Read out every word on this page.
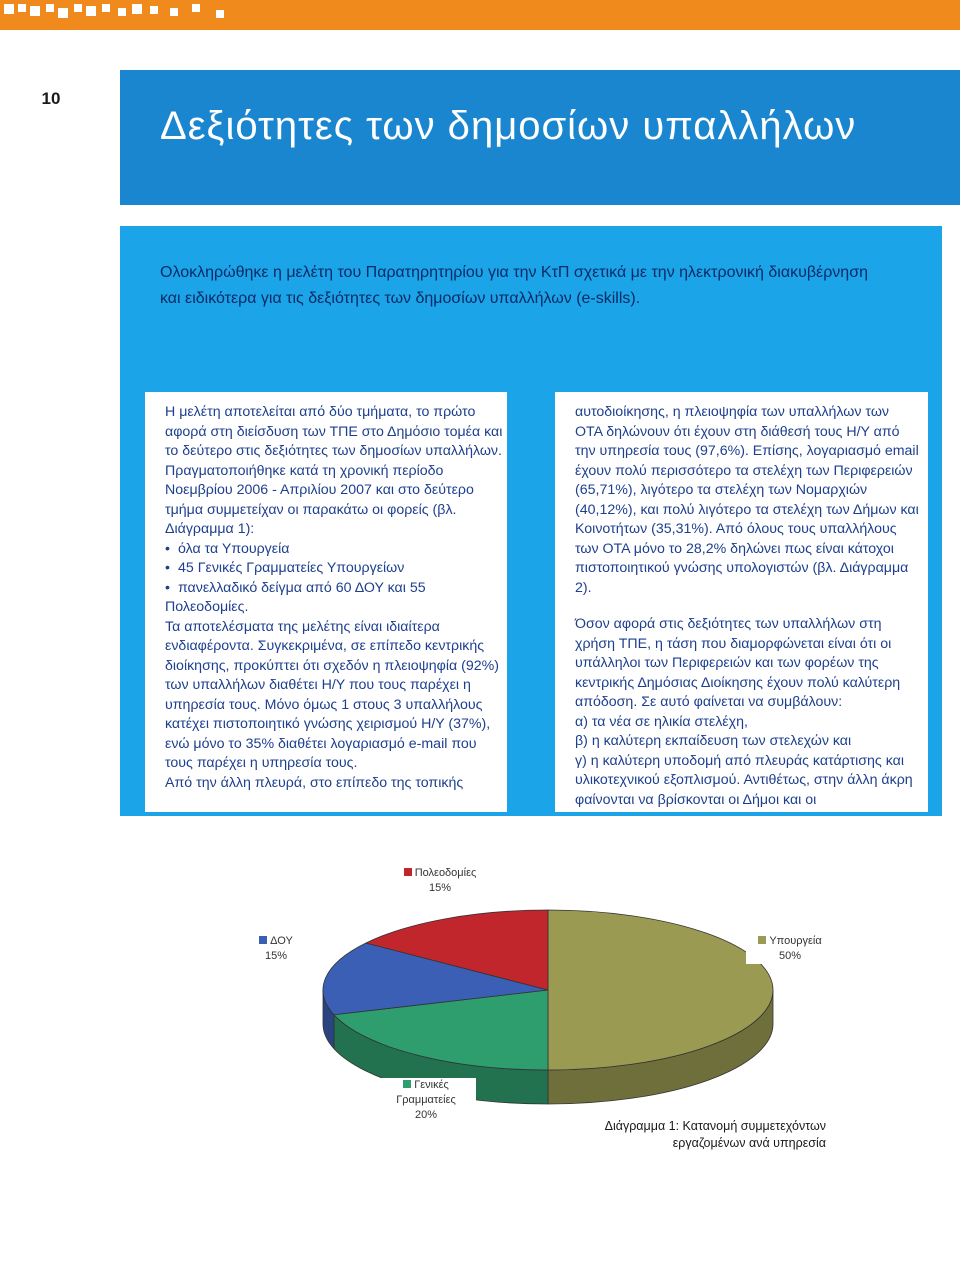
10
Δεξιότητες των δημοσίων υπαλλήλων
Ολοκληρώθηκε η μελέτη του Παρατηρητηρίου για την ΚτΠ σχετικά με την ηλεκτρονική διακυβέρνηση και ειδικότερα για τις δεξιότητες των δημοσίων υπαλλήλων (e-skills).

Η μελέτη αποτελείται από δύο τμήματα, το πρώτο αφορά στη διείσδυση των ΤΠΕ στο Δημόσιο τομέα και το δεύτερο στις δεξιότητες των δημοσίων υπαλλήλων. Πραγματοποιήθηκε κατά τη χρονική περίοδο Νοεμβρίου 2006 - Απριλίου 2007 και στο δεύτερο τμήμα συμμετείχαν οι παρακάτω οι φορείς (βλ. Διάγραμμα 1):

• όλα τα Υπουργεία
• 45 Γενικές Γραμματείες Υπουργείων
• πανελλαδικό δείγμα από 60 ΔΟΥ και 55

Πολεοδομίες.

Τα αποτελέσματα της μελέτης είναι ιδιαίτερα ενδιαφέροντα. Συγκεκριμένα, σε επίπεδο κεντρικής διοίκησης, προκύπτει ότι σχεδόν η πλειοψηφία (92%) των υπαλλήλων διαθέτει Η/Υ που τους παρέχει η υπηρεσία τους. Μόνο όμως 1 στους 3 υπαλλήλους κατέχει πιστοποιητικό γνώσης χειρισμού Η/Υ (37%), ενώ μόνο το 35% διαθέτει λογαριασμό e-mail που τους παρέχει η υπηρεσία τους.

Από την άλλη πλευρά, στο επίπεδο της τοπικής

αυτοδιοίκησης, η πλειοψηφία των υπαλλήλων των ΟΤΑ δηλώνουν ότι έχουν στη διάθεσή τους Η/Υ από την υπηρεσία τους (97,6%). Επίσης, λογαριασμό email έχουν πολύ περισσότερο τα στελέχη των Περιφερειών (65,71%), λιγότερο τα στελέχη των Νομαρχιών (40,12%), και πολύ λιγότερο τα στελέχη των Δήμων και Κοινοτήτων (35,31%). Από όλους τους υπαλλήλους των ΟΤΑ μόνο το 28,2% δηλώνει πως είναι κάτοχοι πιστοποιητικού γνώσης υπολογιστών (βλ. Διάγραμμα 2).

Όσον αφορά στις δεξιότητες των υπαλλήλων στη χρήση ΤΠΕ, η τάση που διαμορφώνεται είναι ότι οι υπάλληλοι των Περιφερειών και των φορέων της κεντρικής Δημόσιας Διοίκησης έχουν πολύ καλύτερη απόδοση. Σε αυτό φαίνεται να συμβάλουν:

α) τα νέα σε ηλικία στελέχη,

β) η καλύτερη εκπαίδευση των στελεχών και

γ) η καλύτερη υποδομή από πλευράς κατάρτισης και υλικοτεχνικού εξοπλισμού. Αντιθέτως, στην άλλη άκρη φαίνονται να βρίσκονται οι Δήμοι και οι

Πολεοδομίες
15%
ΔΟΥ
15%
Υπουργεία
50%
Γενικές Γραμματείες
20%
Διάγραμμα 1: Κατανομή συμμετεχόντων εργαζομένων ανά υπηρεσία
